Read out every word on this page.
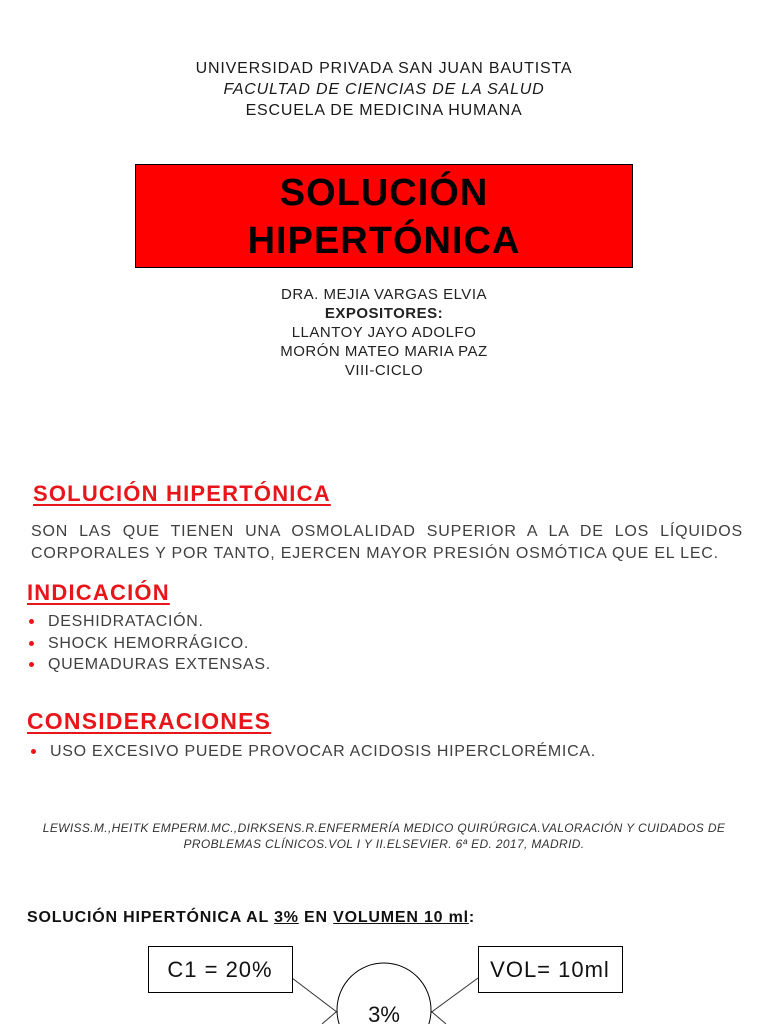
UNIVERSIDAD PRIVADA SAN JUAN BAUTISTA
FACULTAD DE CIENCIAS DE LA SALUD
ESCUELA DE MEDICINA HUMANA
SOLUCIÓN
HIPERTÓNICA
DRA. MEJIA VARGAS ELVIA
EXPOSITORES:
LLANTOY JAYO ADOLFO
MORÓN MATEO MARIA PAZ
VIII-CICLO
SOLUCIÓN HIPERTÓNICA
SON LAS QUE TIENEN UNA OSMOLALIDAD SUPERIOR A LA DE LOS LÍQUIDOS CORPORALES Y POR TANTO, EJERCEN MAYOR PRESIÓN OSMÓTICA QUE EL LEC.
INDICACIÓN
DESHIDRATACIÓN.
SHOCK HEMORRÁGICO.
QUEMADURAS EXTENSAS.
CONSIDERACIONES
USO EXCESIVO PUEDE PROVOCAR ACIDOSIS HIPERCLORÉMICA.
LEWISS.M.,HEITK EMPERM.MC.,DIRKSENS.R.ENFERMERÍA MEDICO QUIRÚRGICA.VALORACIÓN Y CUIDADOS DE
PROBLEMAS CLÍNICOS.VOL I Y II.ELSEVIER. 6ª ED. 2017, MADRID.
SOLUCIÓN HIPERTÓNICA AL 3% EN VOLUMEN 10 ml:
C1 = 20%	VOL= 10ml
3%
